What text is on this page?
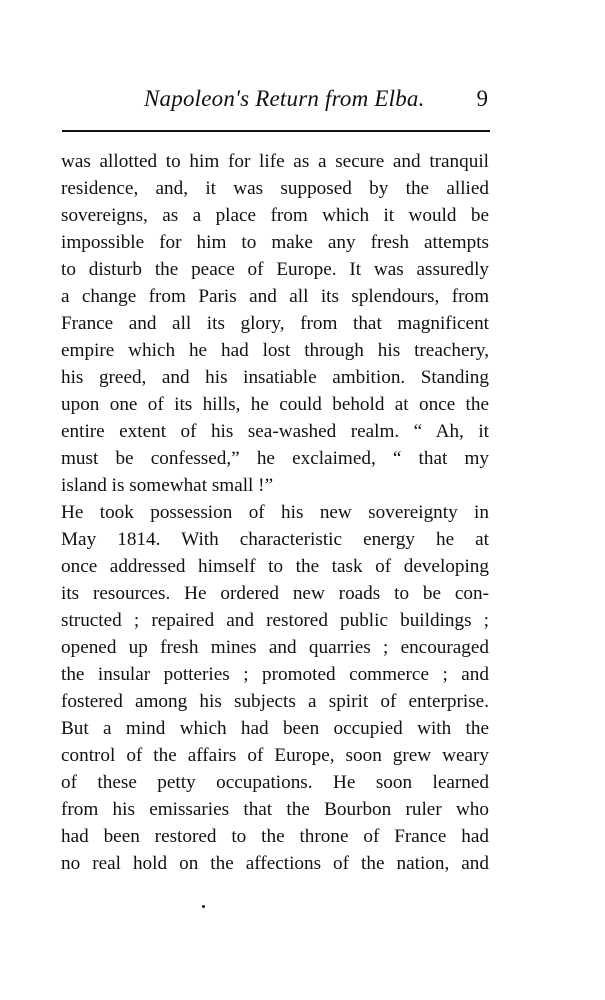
Napoleon's Return from Elba. 9
was allotted to him for life as a secure and tranquil
residence, and, it was supposed by the allied
sovereigns, as a place from which it would be
impossible for him to make any fresh attempts
to disturb the peace of Europe. It was assuredly
a change from Paris and all its splendours, from
France and all its glory, from that magnificent
empire which he had lost through his treachery,
his greed, and his insatiable ambition. Standing
upon one of its hills, he could behold at once the
entire extent of his sea-washed realm. “ Ah, it
must be confessed,” he exclaimed, “ that my
island is somewhat small !”
He took possession of his new sovereignty in
May 1814. With characteristic energy he at
once addressed himself to the task of developing
its resources. He ordered new roads to be con-
structed ; repaired and restored public buildings ;
opened up fresh mines and quarries ; encouraged
the insular potteries ; promoted commerce ; and
fostered among his subjects a spirit of enterprise.
But a mind which had been occupied with the
control of the affairs of Europe, soon grew weary
of these petty occupations. He soon learned
from his emissaries that the Bourbon ruler who
had been restored to the throne of France had
no real hold on the affections of the nation, and
